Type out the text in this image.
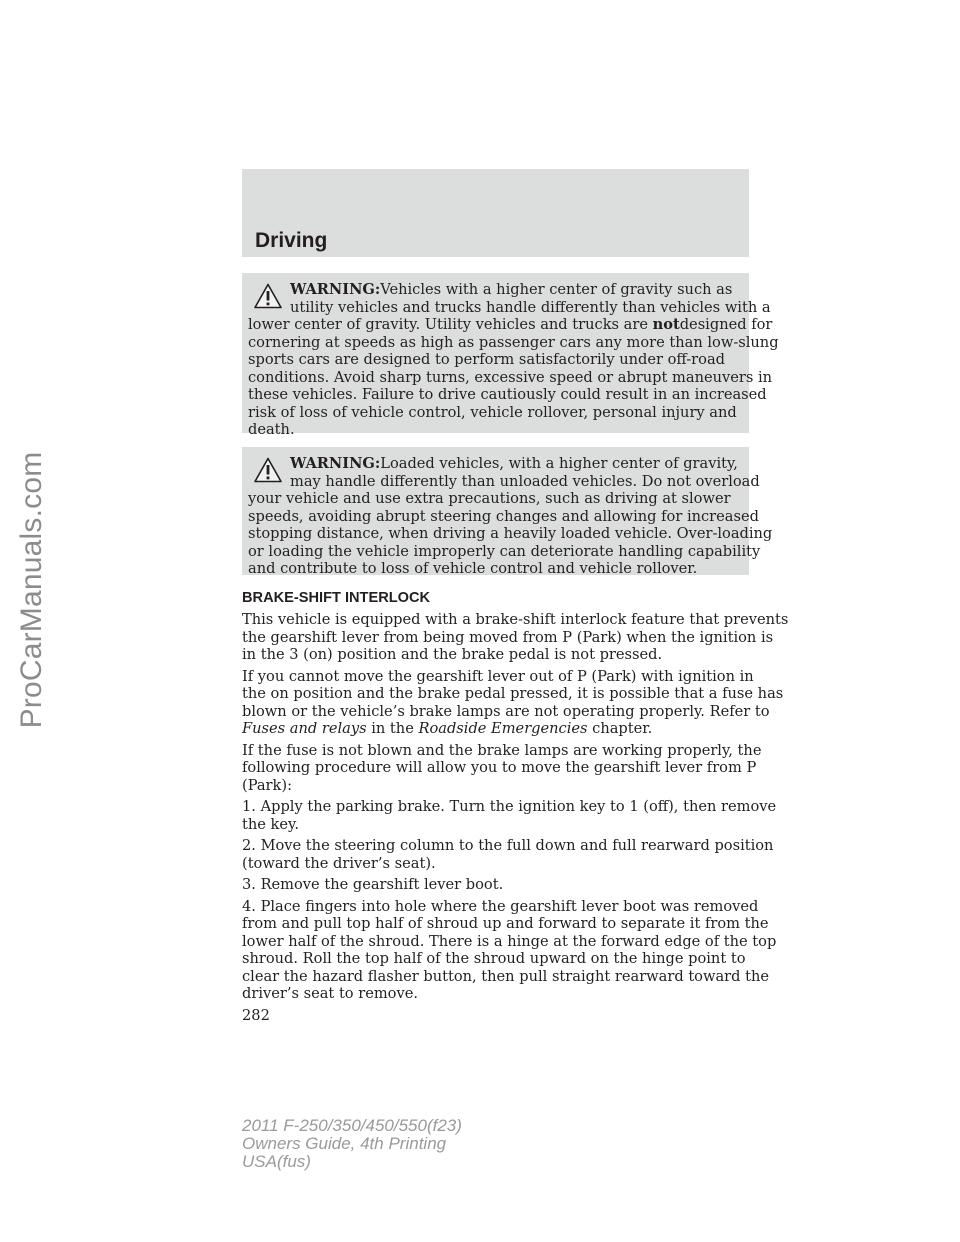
ProCarManuals.com
Driving
WARNING:Vehicles with a higher center of gravity such as
utility vehicles and trucks handle differently than vehicles with a
lower center of gravity. Utility vehicles and trucks are notdesigned for
cornering at speeds as high as passenger cars any more than low-slung
sports cars are designed to perform satisfactorily under off-road
conditions. Avoid sharp turns, excessive speed or abrupt maneuvers in
these vehicles. Failure to drive cautiously could result in an increased
risk of loss of vehicle control, vehicle rollover, personal injury and
death.
WARNING:Loaded vehicles, with a higher center of gravity,
may handle differently than unloaded vehicles. Do not overload
your vehicle and use extra precautions, such as driving at slower
speeds, avoiding abrupt steering changes and allowing for increased
stopping distance, when driving a heavily loaded vehicle. Over-loading
or loading the vehicle improperly can deteriorate handling capability
and contribute to loss of vehicle control and vehicle rollover.
BRAKE-SHIFT INTERLOCK
This vehicle is equipped with a brake-shift interlock feature that prevents
the gearshift lever from being moved from P (Park) when the ignition is
in the 3 (on) position and the brake pedal is not pressed.
If you cannot move the gearshift lever out of P (Park) with ignition in
the on position and the brake pedal pressed, it is possible that a fuse has
blown or the vehicle’s brake lamps are not operating properly. Refer to
Fuses and relays in the Roadside Emergencies chapter.
If the fuse is not blown and the brake lamps are working properly, the
following procedure will allow you to move the gearshift lever from P
(Park):
1. Apply the parking brake. Turn the ignition key to 1 (off), then remove
the key.
2. Move the steering column to the full down and full rearward position
(toward the driver’s seat).
3. Remove the gearshift lever boot.
4. Place fingers into hole where the gearshift lever boot was removed
from and pull top half of shroud up and forward to separate it from the
lower half of the shroud. There is a hinge at the forward edge of the top
shroud. Roll the top half of the shroud upward on the hinge point to
clear the hazard flasher button, then pull straight rearward toward the
driver’s seat to remove.
282
2011 F-250/350/450/550(f23)
Owners Guide, 4th Printing
USA(fus)
